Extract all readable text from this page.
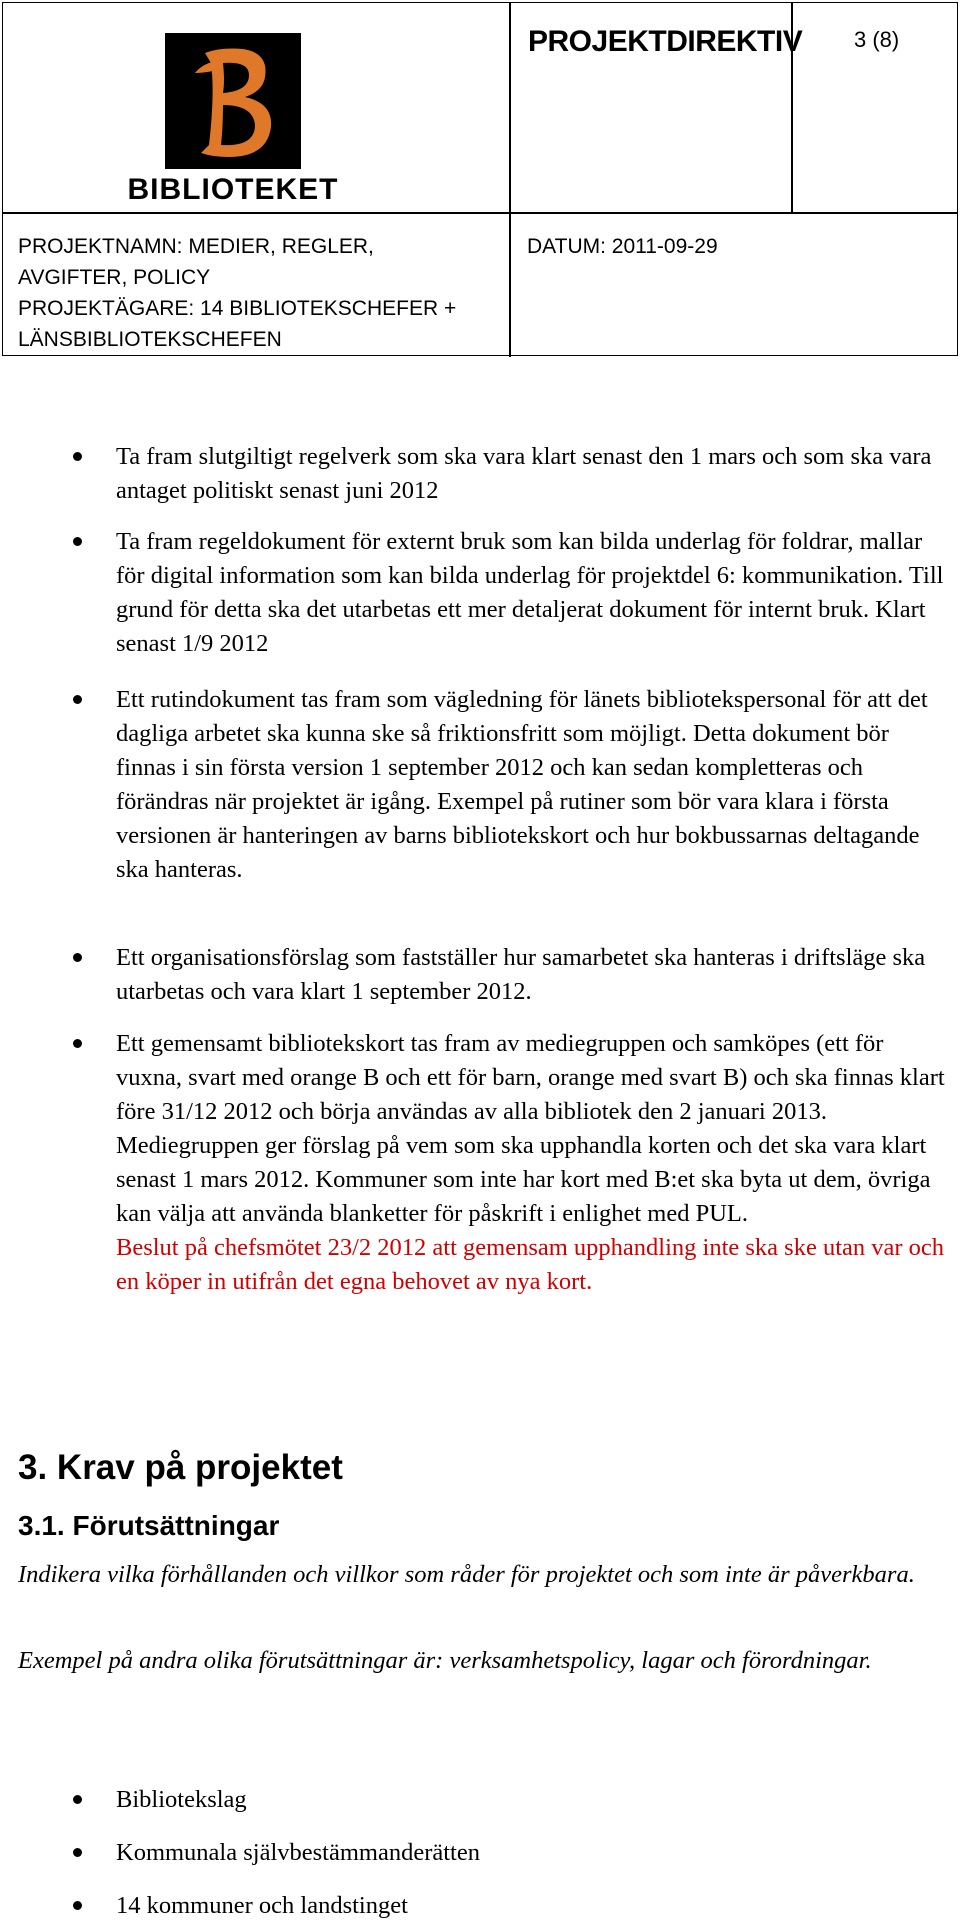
BIBLIOTEKET
PROJEKTDIREKTIV 3 (8)
PROJEKTNAMN: MEDIER, REGLER,
AVGIFTER, POLICY
PROJEKTÄGARE: 14 BIBLIOTEKSCHEFER +
LÄNSBIBLIOTEKSCHEFEN
DATUM: 2011-09-29
Ta fram slutgiltigt regelverk som ska vara klart senast den 1 mars och som ska vara antaget politiskt senast juni 2012
Ta fram regeldokument för externt bruk som kan bilda underlag för foldrar, mallar för digital information som kan bilda underlag för projektdel 6: kommunikation. Till grund för detta ska det utarbetas ett mer detaljerat dokument för internt bruk. Klart senast 1/9 2012
Ett rutindokument tas fram som vägledning för länets bibliotekspersonal för att det dagliga arbetet ska kunna ske så friktionsfritt som möjligt. Detta dokument bör finnas i sin första version 1 september 2012 och kan sedan kompletteras och förändras när projektet är igång. Exempel på rutiner som bör vara klara i första versionen är hanteringen av barns bibliotekskort och hur bokbussarnas deltagande ska hanteras.
Ett organisationsförslag som fastställer hur samarbetet ska hanteras i driftsläge ska utarbetas och vara klart 1 september 2012.
Ett gemensamt bibliotekskort tas fram av mediegruppen och samköpes (ett för vuxna, svart med orange B och ett för barn, orange med svart B) och ska finnas klart före 31/12 2012 och börja användas av alla bibliotek den 2 januari 2013. Mediegruppen ger förslag på vem som ska upphandla korten och det ska vara klart senast 1 mars 2012. Kommuner som inte har kort med B:et ska byta ut dem, övriga kan välja att använda blanketter för påskrift i enlighet med PUL.
Beslut på chefsmötet 23/2 2012 att gemensam upphandling inte ska ske utan var och en köper in utifrån det egna behovet av nya kort.
3. Krav på projektet
3.1. Förutsättningar
Indikera vilka förhållanden och villkor som råder för projektet och som inte är påverkbara.
Exempel på andra olika förutsättningar är: verksamhetspolicy, lagar och förordningar.
Bibliotekslag
Kommunala självbestämmanderätten
14 kommuner och landstinget
